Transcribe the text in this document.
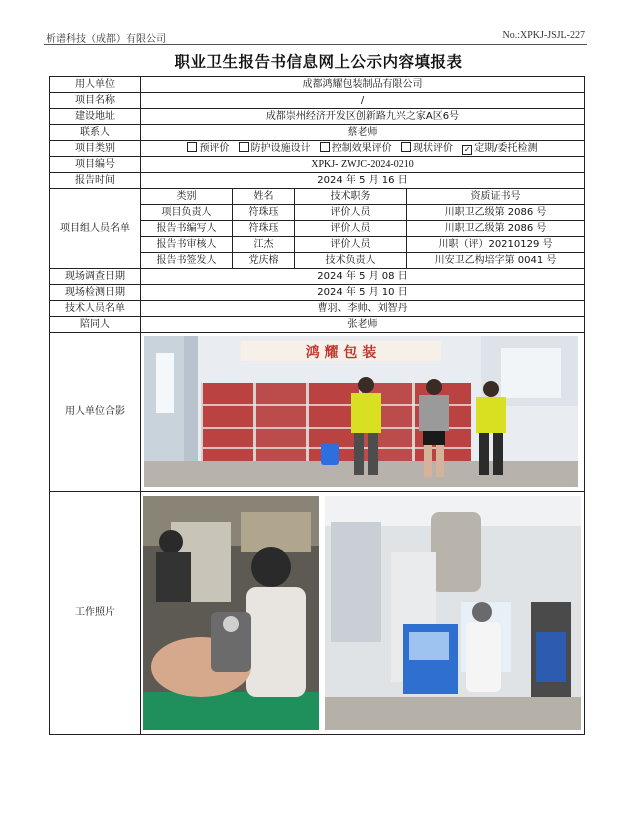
析谱科技（成都）有限公司	No.:XPKJ-JSJL-227
职业卫生报告书信息网上公示内容填报表
用人单位	成都鸿耀包装制品有限公司			
项目名称	/			
建设地址	成都崇州经济开发区创新路九兴之家A区6号			
联系人	蔡老师			
项目类别	预评价 防护设施设计 控制效果评价 现状评价 ✓ 定期/委托检测			
项目编号	XPKJ- ZWJC-2024-0210			
报告时间	2024 年 5 月 16 日			
项目组人员名单	类别	姓名	技术职务	资质证书号
	项目负责人	符珠珏	评价人员	川职卫乙级第 2086 号
	报告书编写人	符珠珏	评价人员	川职卫乙级第 2086 号
	报告书审核人	江杰	评价人员	川职（评）20210129 号
	报告书签发人	党庆榕	技术负责人	川安卫乙构培字第 0041 号
现场调查日期	2024 年 5 月 08 日			
现场检测日期	2024 年 5 月 10 日			
技术人员名单	曹羽、李帅、刘智丹			
陪同人	张老师			
用人单位合影	鸿 耀 包 装			

工作照片	
